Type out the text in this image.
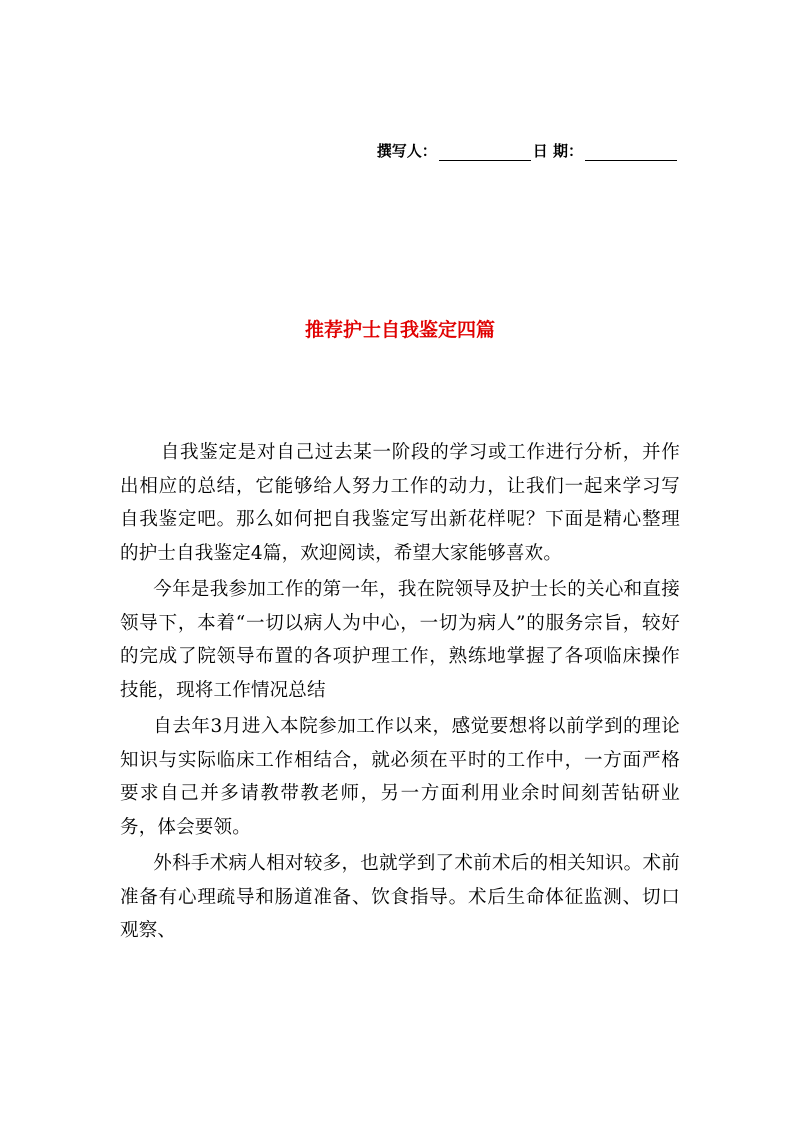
撰写人：	日 期：
推荐护士自我鉴定四篇

自我鉴定是对自己过去某一阶段的学习或工作进行分析，并作出相应的总结，它能够给人努力工作的动力，让我们一起来学习写自我鉴定吧。那么如何把自我鉴定写出新花样呢？下面是精心整理的护士自我鉴定4篇，欢迎阅读，希望大家能够喜欢。

今年是我参加工作的第一年，我在院领导及护士长的关心和直接领导下，本着“一切以病人为中心，一切为病人”的服务宗旨，较好的完成了院领导布置的各项护理工作，熟练地掌握了各项临床操作技能，现将工作情况总结

自去年3月进入本院参加工作以来，感觉要想将以前学到的理论知识与实际临床工作相结合，就必须在平时的工作中，一方面严格要求自己并多请教带教老师，另一方面利用业余时间刻苦钻研业务，体会要领。

外科手术病人相对较多，也就学到了术前术后的相关知识。术前准备有心理疏导和肠道准备、饮食指导。术后生命体征监测、切口观察、
